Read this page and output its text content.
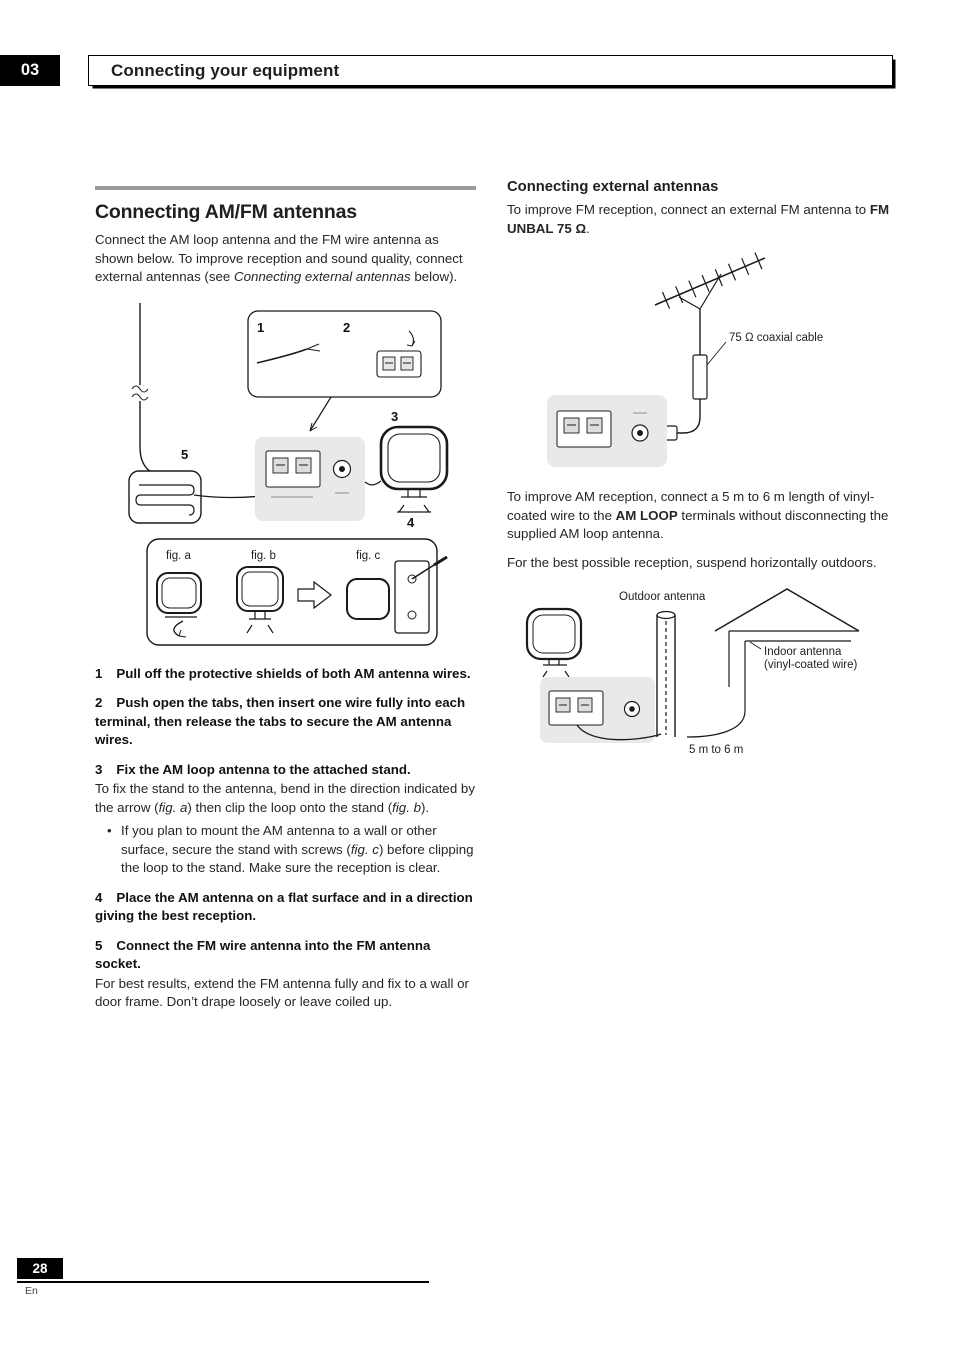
03	Connecting your equipment
Connecting AM/FM antennas

Connect the AM loop antenna and the FM wire antenna as shown below. To improve reception and sound quality, connect external antennas (see Connecting external antennas below).

1	2
3
4
5
fig. a	fig. b	fig. c

1 Pull off the protective shields of both AM antenna wires.

2 Push open the tabs, then insert one wire fully into each terminal, then release the tabs to secure the AM antenna wires.

3 Fix the AM loop antenna to the attached stand.

To fix the stand to the antenna, bend in the direction indicated by the arrow (fig. a) then clip the loop onto the stand (fig. b).

• If you plan to mount the AM antenna to a wall or other surface, secure the stand with screws (fig. c) before clipping the loop to the stand. Make sure the reception is clear.

4 Place the AM antenna on a flat surface and in a direction giving the best reception.

5 Connect the FM wire antenna into the FM antenna socket.

For best results, extend the FM antenna fully and fix to a wall or door frame. Don’t drape loosely or leave coiled up.

Connecting external antennas

To improve FM reception, connect an external FM antenna to FM UNBAL 75 Ω.

75 Ω coaxial cable

To improve AM reception, connect a 5 m to 6 m length of vinyl-coated wire to the AM LOOP terminals without disconnecting the supplied AM loop antenna.

For the best possible reception, suspend horizontally outdoors.

Outdoor antenna
Indoor antenna
(vinyl-coated wire)
5 m to 6 m
28
En
